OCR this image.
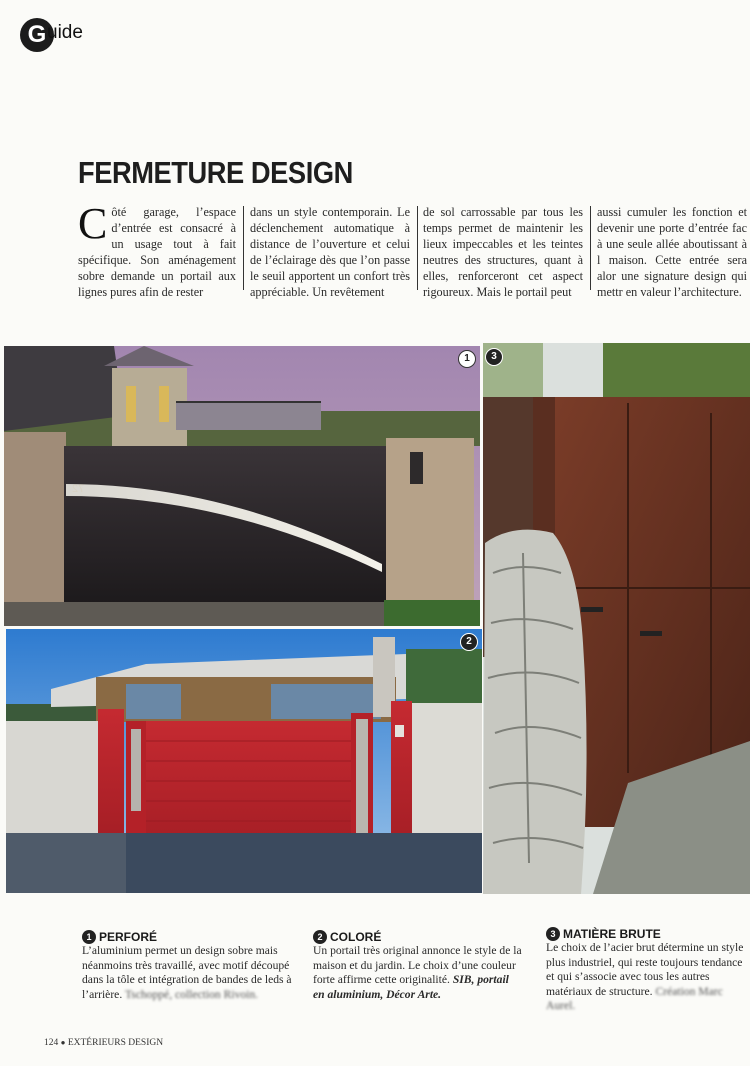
G uide
FERMETURE DESIGN
Côté garage, l’espace d’entrée est consacré à un usage tout à fait spécifique. Son aménagement sobre demande un portail aux lignes pures afin de rester
dans un style contemporain. Le déclenchement automatique à distance de l’ouverture et celui de l’éclairage dès que l’on passe le seuil apportent un confort très appréciable. Un revêtement
de sol carrossable par tous les temps permet de maintenir les lieux impeccables et les teintes neutres des structures, quant à elles, renforceront cet aspect rigoureux. Mais le portail peut
aussi cumuler les fonction et devenir une porte d’entrée fac à une seule allée aboutissant à l maison. Cette entrée sera alor une signature design qui mettr en valeur l’architecture.
72
1
2
3
1 PERFORÉ
L’aluminium permet un design sobre mais néanmoins très travaillé, avec motif découpé dans la tôle et intégration de bandes de leds à l’arrière. Tschoppé, collection Rivoin.
2 COLORÉ
Un portail très original annonce le style de la maison et du jardin. Le choix d’une couleur forte affirme cette originalité. SIB, portail en aluminium, Décor Arte.
3 MATIÈRE BRUTE
Le choix de l’acier brut détermine un style plus industriel, qui reste toujours tendance et qui s’associe avec tous les autres matériaux de structure. Création Marc Aurel.
124 ● EXTÉRIEURS DESIGN
